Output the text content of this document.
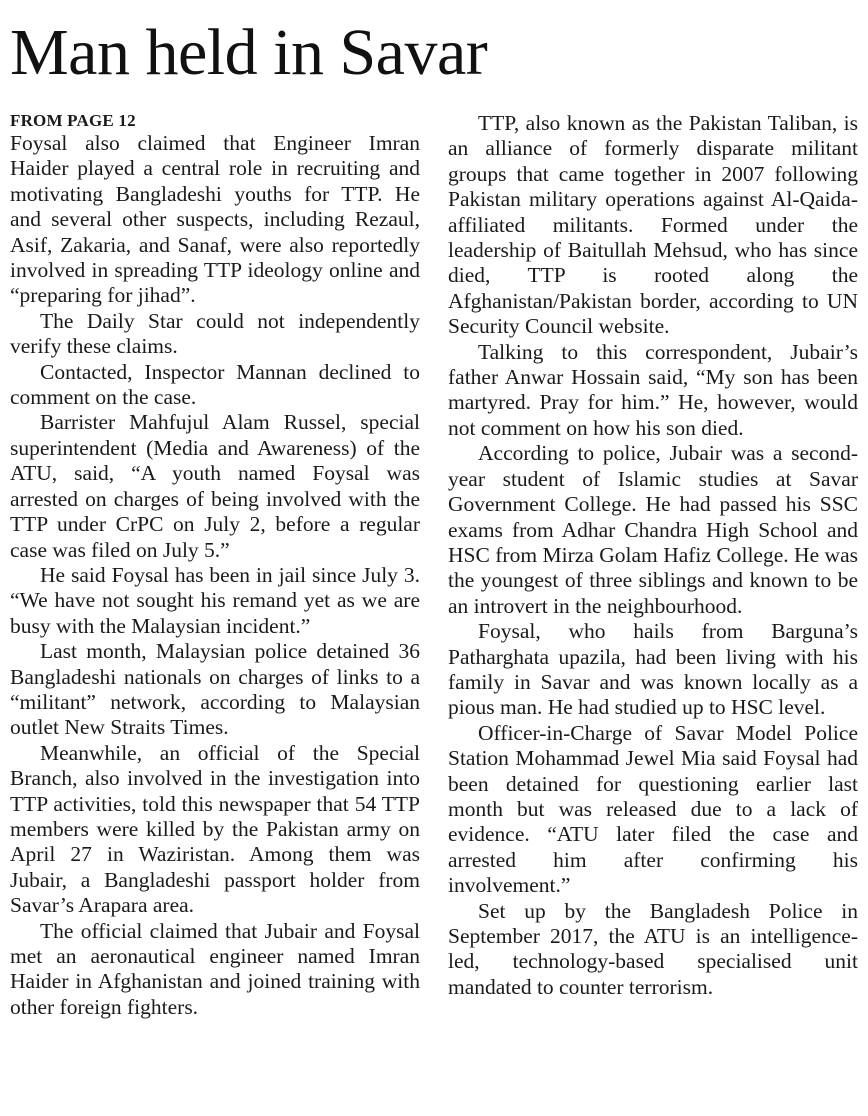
Man held in Savar

FROM PAGE 12

Foysal also claimed that Engineer Imran Haider played a central role in recruiting and motivating Bangladeshi youths for TTP. He and several other suspects, including Rezaul, Asif, Zakaria, and Sanaf, were also reportedly involved in spreading TTP ideology online and “preparing for jihad”.

The Daily Star could not independently verify these claims.

Contacted, Inspector Mannan declined to comment on the case.

Barrister Mahfujul Alam Russel, special superintendent (Media and Awareness) of the ATU, said, “A youth named Foysal was arrested on charges of being involved with the TTP under CrPC on July 2, before a regular case was filed on July 5.”

He said Foysal has been in jail since July 3. “We have not sought his remand yet as we are busy with the Malaysian incident.”

Last month, Malaysian police detained 36 Bangladeshi nationals on charges of links to a “militant” network, according to Malaysian outlet New Straits Times.

Meanwhile, an official of the Special Branch, also involved in the investigation into TTP activities, told this newspaper that 54 TTP members were killed by the Pakistan army on April 27 in Waziristan. Among them was Jubair, a Bangladeshi passport holder from Savar’s Arapara area.

The official claimed that Jubair and Foysal met an aeronautical engineer named Imran Haider in Afghanistan and joined training with other foreign fighters.

TTP, also known as the Pakistan Taliban, is an alliance of formerly disparate militant groups that came together in 2007 following Pakistan military operations against Al-Qaida-affiliated militants. Formed under the leadership of Baitullah Mehsud, who has since died, TTP is rooted along the Afghanistan/Pakistan border, according to UN Security Council website.

Talking to this correspondent, Jubair’s father Anwar Hossain said, “My son has been martyred. Pray for him.” He, however, would not comment on how his son died.

According to police, Jubair was a second-year student of Islamic studies at Savar Government College. He had passed his SSC exams from Adhar Chandra High School and HSC from Mirza Golam Hafiz College. He was the youngest of three siblings and known to be an introvert in the neighbourhood.

Foysal, who hails from Barguna’s Patharghata upazila, had been living with his family in Savar and was known locally as a pious man. He had studied up to HSC level.

Officer-in-Charge of Savar Model Police Station Mohammad Jewel Mia said Foysal had been detained for questioning earlier last month but was released due to a lack of evidence. “ATU later filed the case and arrested him after confirming his involvement.”

Set up by the Bangladesh Police in September 2017, the ATU is an intelligence-led, technology-based specialised unit mandated to counter terrorism.
